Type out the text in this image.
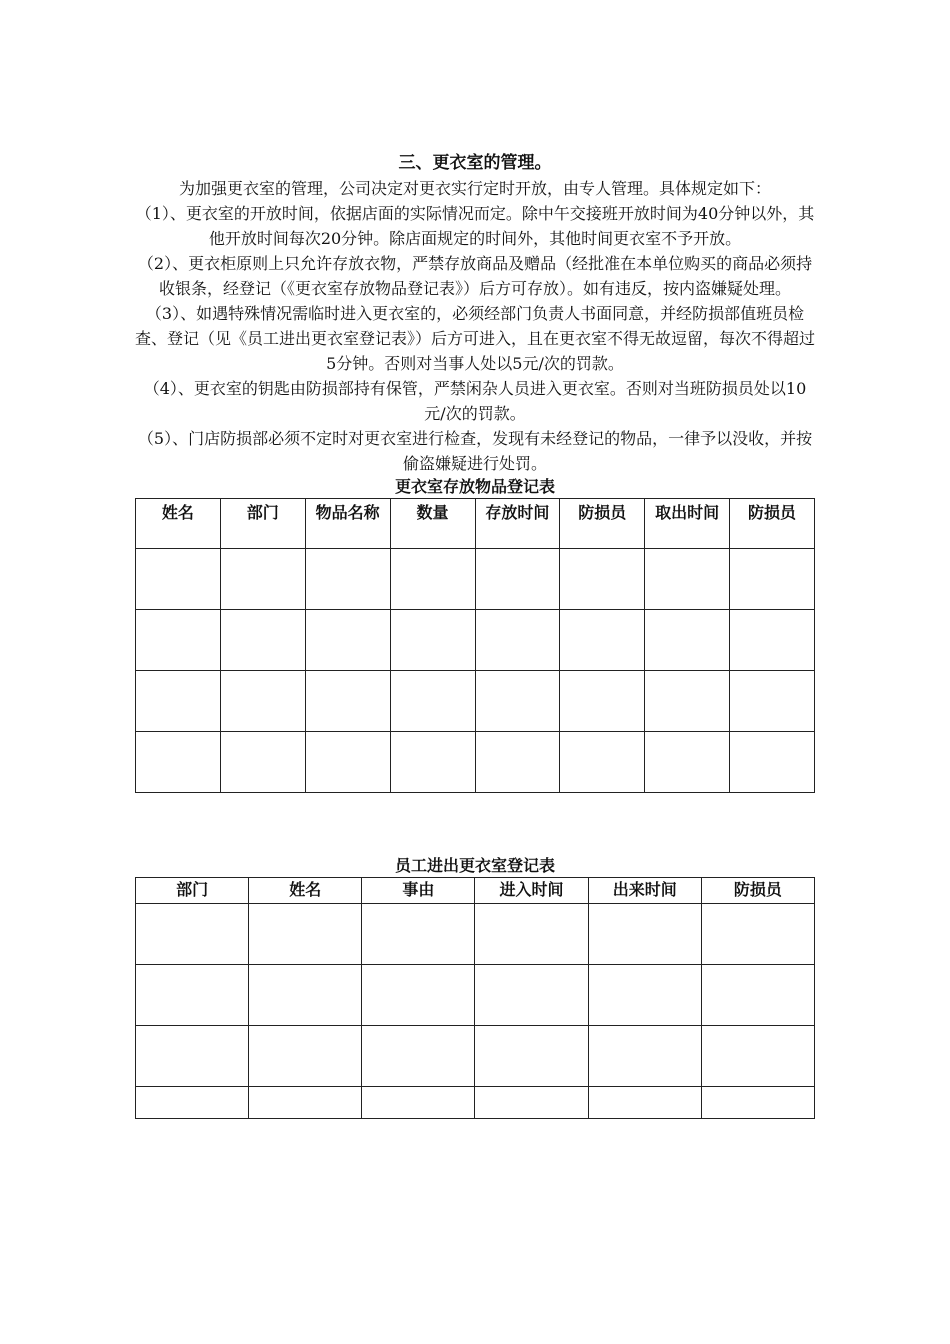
三、更衣室的管理。

为加强更衣室的管理，公司决定对更衣实行定时开放，由专人管理。具体规定如下：

（1）、更衣室的开放时间，依据店面的实际情况而定。除中午交接班开放时间为40分钟以外，其他开放时间每次20分钟。除店面规定的时间外，其他时间更衣室不予开放。

（2）、更衣柜原则上只允许存放衣物，严禁存放商品及赠品（经批准在本单位购买的商品必须持收银条，经登记（《更衣室存放物品登记表》）后方可存放）。如有违反，按内盗嫌疑处理。

（3）、如遇特殊情况需临时进入更衣室的，必须经部门负责人书面同意，并经防损部值班员检查、登记（见《员工进出更衣室登记表》）后方可进入，且在更衣室不得无故逗留，每次不得超过5分钟。否则对当事人处以5元/次的罚款。

（4）、更衣室的钥匙由防损部持有保管，严禁闲杂人员进入更衣室。否则对当班防损员处以10元/次的罚款。

（5）、门店防损部必须不定时对更衣室进行检查，发现有未经登记的物品，一律予以没收，并按偷盗嫌疑进行处罚。

更衣室存放物品登记表

姓名	部门	物品名称	数量	存放时间	防损员	取出时间	防损员

员工进出更衣室登记表

部门	姓名	事由	进入时间	出来时间	防损员
